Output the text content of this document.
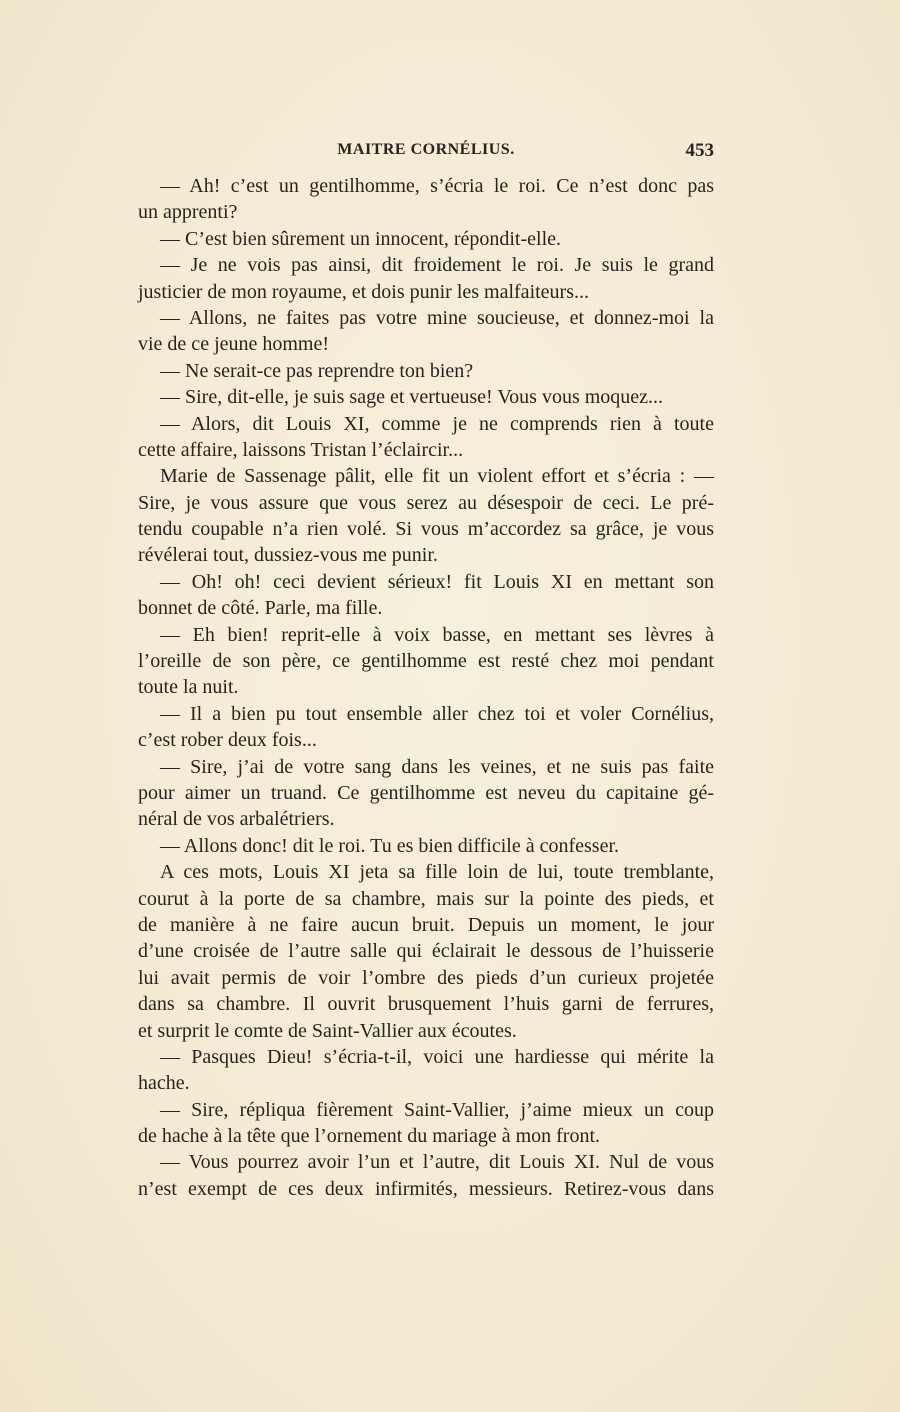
MAITRE CORNÉLIUS.	453
— Ah! c’est un gentilhomme, s’écria le roi. Ce n’est donc pas
un apprenti?
— C’est bien sûrement un innocent, répondit-elle.
— Je ne vois pas ainsi, dit froidement le roi. Je suis le grand
justicier de mon royaume, et dois punir les malfaiteurs...
— Allons, ne faites pas votre mine soucieuse, et donnez-moi la
vie de ce jeune homme!
— Ne serait-ce pas reprendre ton bien?
— Sire, dit-elle, je suis sage et vertueuse! Vous vous moquez...
— Alors, dit Louis XI, comme je ne comprends rien à toute
cette affaire, laissons Tristan l’éclaircir...
Marie de Sassenage pâlit, elle fit un violent effort et s’écria : —
Sire, je vous assure que vous serez au désespoir de ceci. Le pré-
tendu coupable n’a rien volé. Si vous m’accordez sa grâce, je vous
révélerai tout, dussiez-vous me punir.
— Oh! oh! ceci devient sérieux! fit Louis XI en mettant son
bonnet de côté. Parle, ma fille.
— Eh bien! reprit-elle à voix basse, en mettant ses lèvres à
l’oreille de son père, ce gentilhomme est resté chez moi pendant
toute la nuit.
— Il a bien pu tout ensemble aller chez toi et voler Cornélius,
c’est rober deux fois...
— Sire, j’ai de votre sang dans les veines, et ne suis pas faite
pour aimer un truand. Ce gentilhomme est neveu du capitaine gé-
néral de vos arbalétriers.
— Allons donc! dit le roi. Tu es bien difficile à confesser.
A ces mots, Louis XI jeta sa fille loin de lui, toute tremblante,
courut à la porte de sa chambre, mais sur la pointe des pieds, et
de manière à ne faire aucun bruit. Depuis un moment, le jour
d’une croisée de l’autre salle qui éclairait le dessous de l’huisserie
lui avait permis de voir l’ombre des pieds d’un curieux projetée
dans sa chambre. Il ouvrit brusquement l’huis garni de ferrures,
et surprit le comte de Saint-Vallier aux écoutes.
— Pasques Dieu! s’écria-t-il, voici une hardiesse qui mérite la
hache.
— Sire, répliqua fièrement Saint-Vallier, j’aime mieux un coup
de hache à la tête que l’ornement du mariage à mon front.
— Vous pourrez avoir l’un et l’autre, dit Louis XI. Nul de vous
n’est exempt de ces deux infirmités, messieurs. Retirez-vous dans
